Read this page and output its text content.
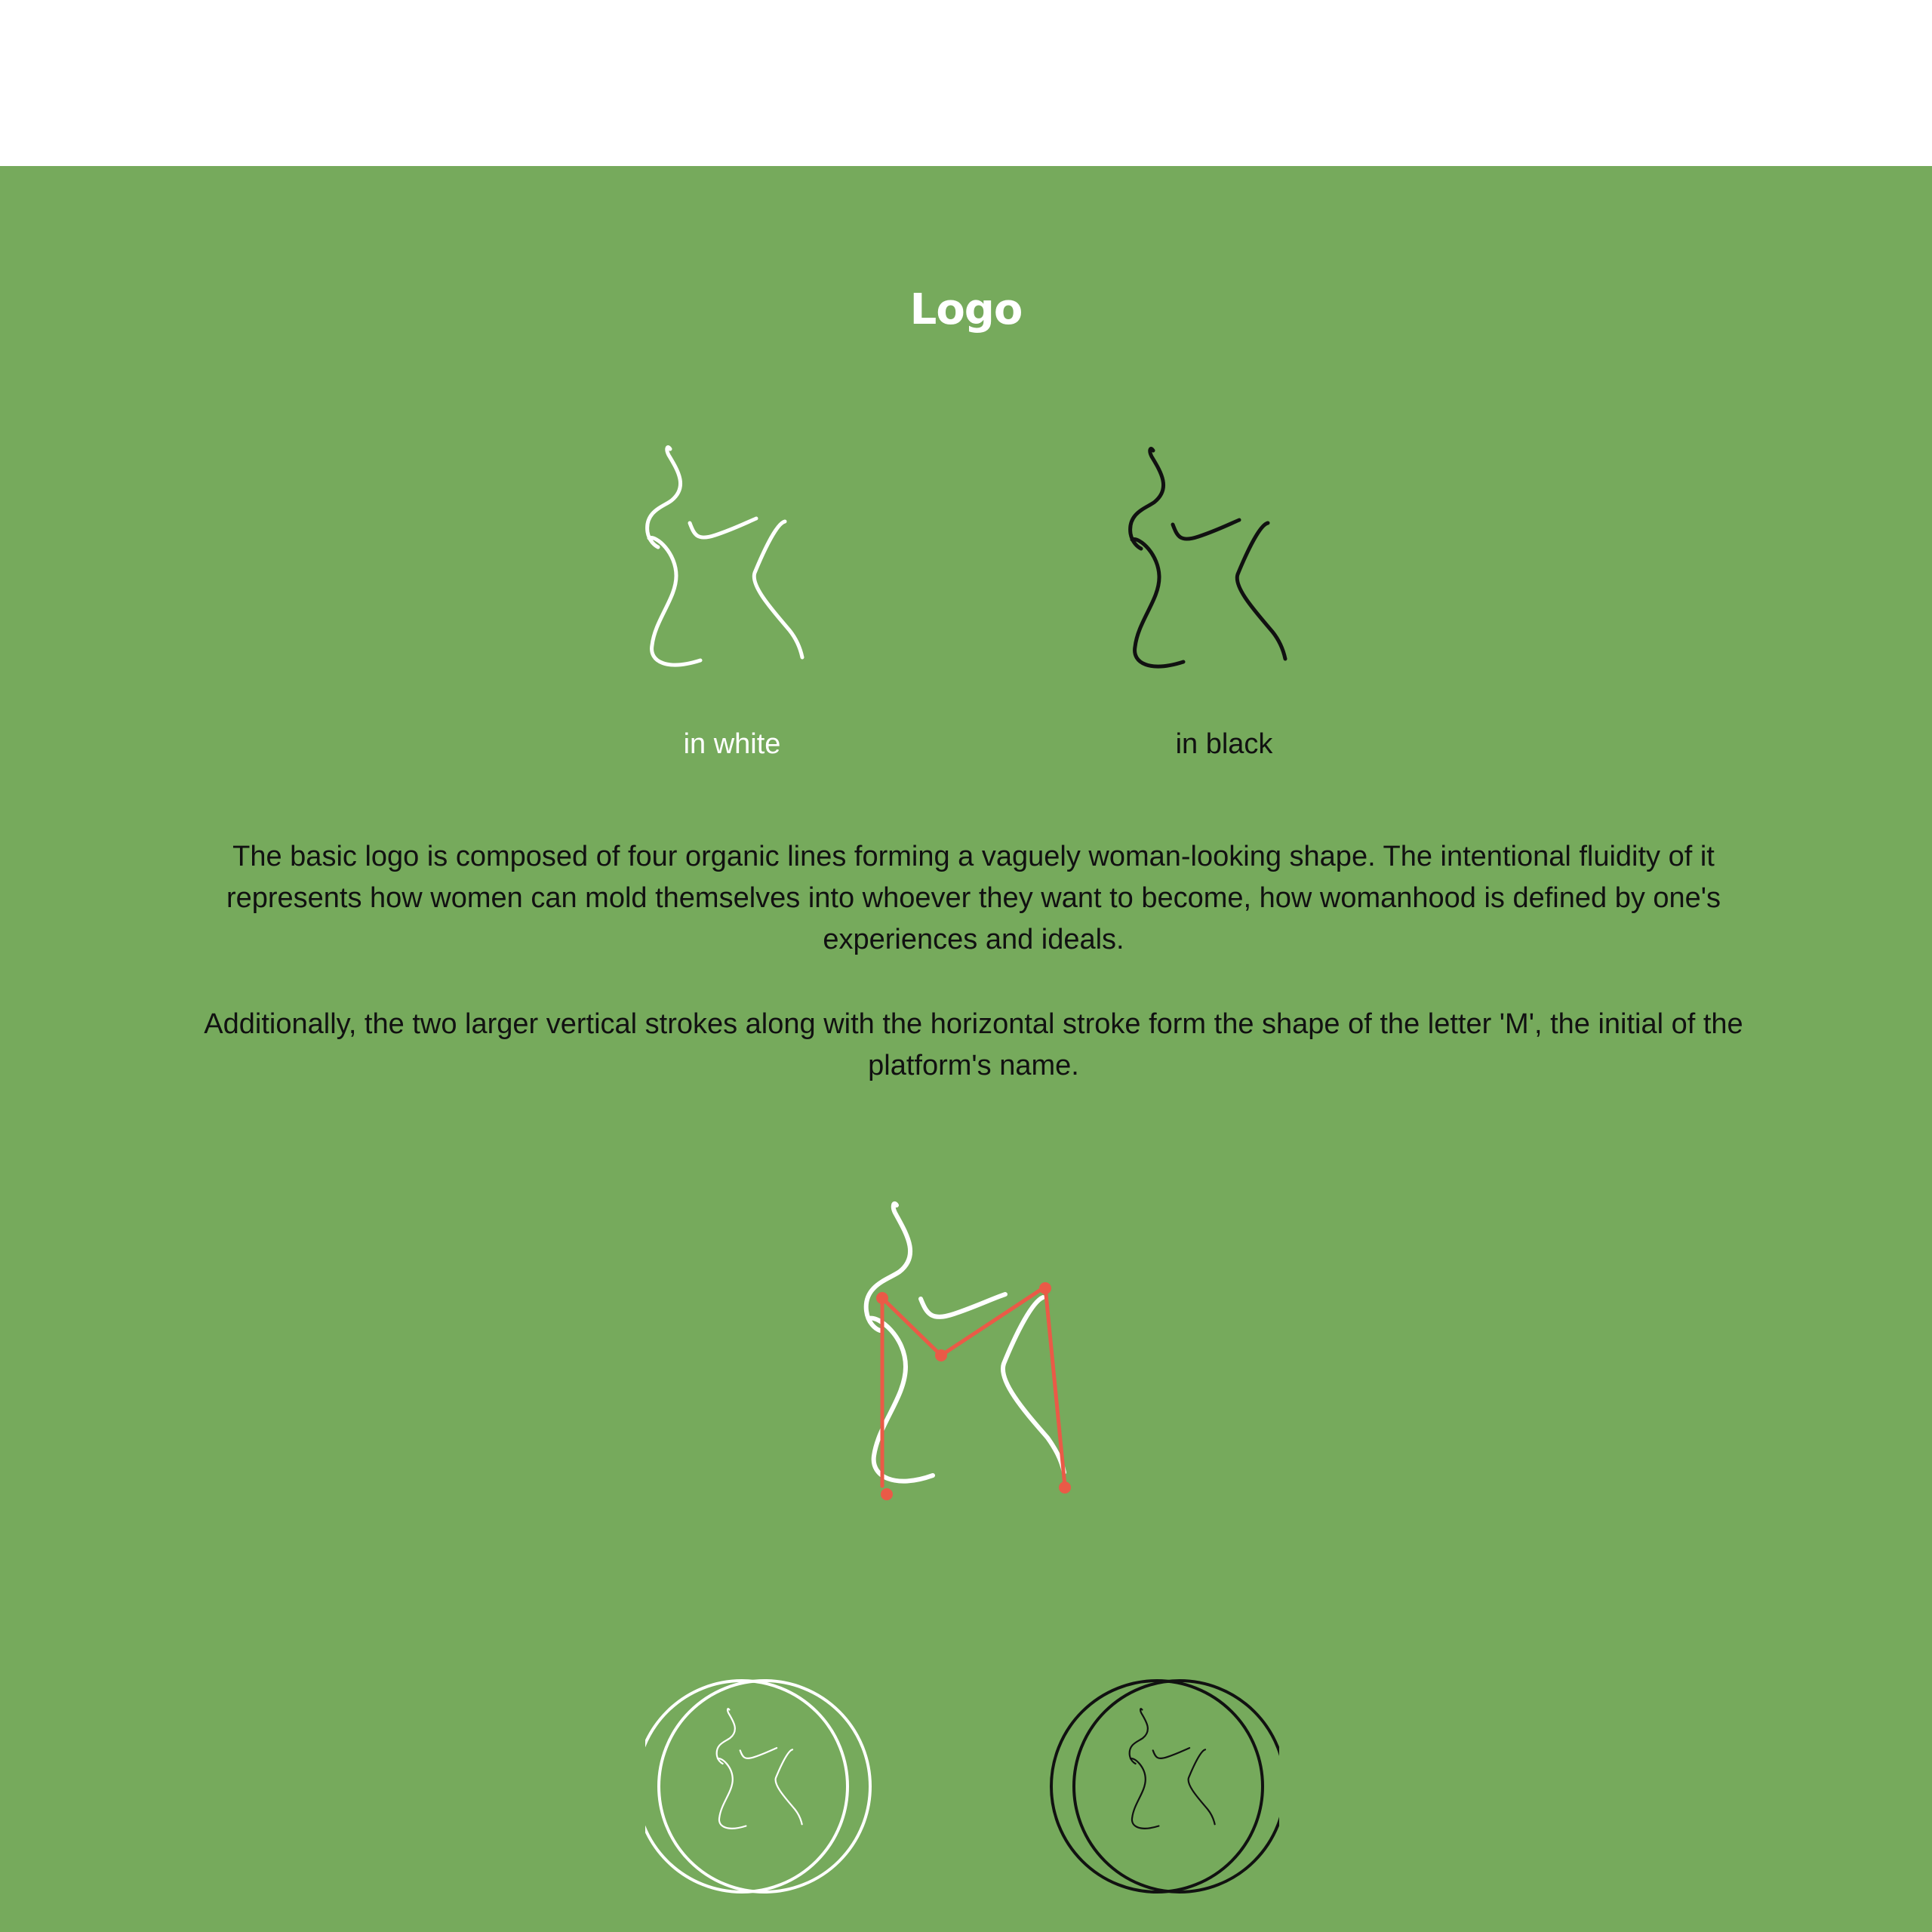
Logo
in white	in black
The basic logo is composed of four organic lines forming a vaguely woman-looking shape. The intentional fluidity of it represents how women can mold themselves into whoever they want to become, how womanhood is defined by one's experiences and ideals.
Additionally, the two larger vertical strokes along with the horizontal stroke form the shape of the letter 'M', the initial of the platform's name.
